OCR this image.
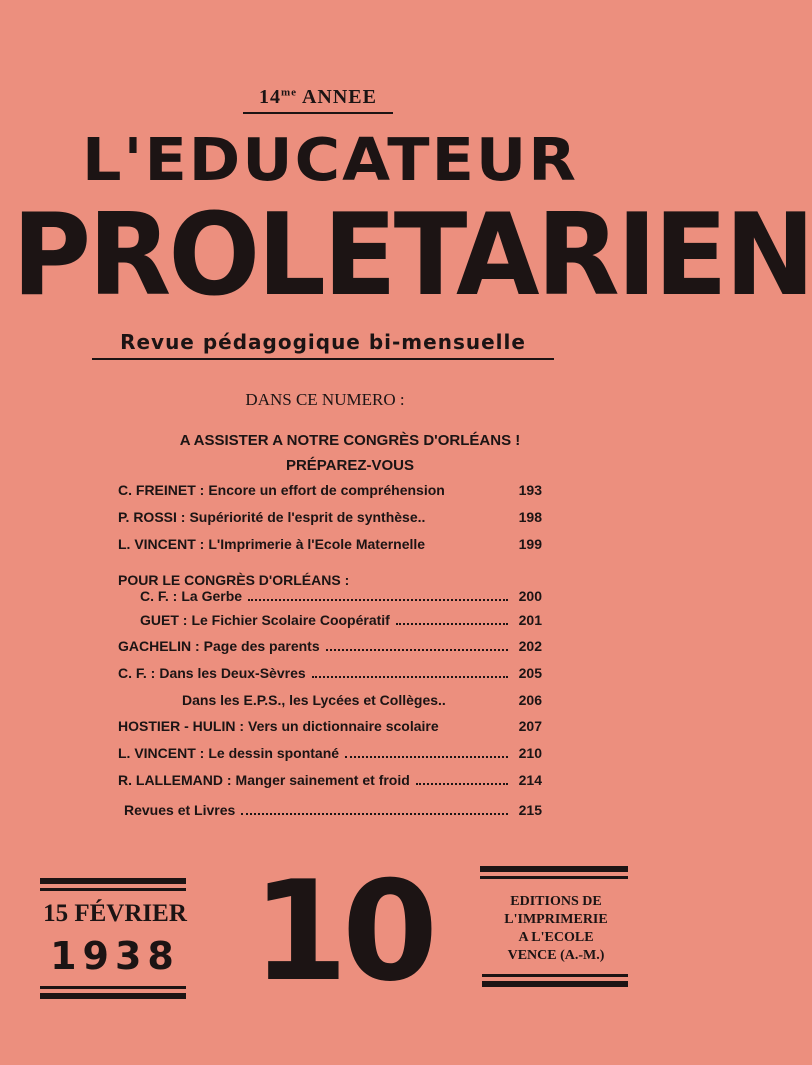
$14^{me}$ ANNEE
L'EDUCATEUR
PROLETARIEN
Revue pédagogique bi-mensuelle
DANS CE NUMERO :
A ASSISTER A NOTRE CONGRÈS D'ORLÉANS !
PRÉPAREZ-VOUS
C. FREINET : Encore un effort de compréhension	193
P. ROSSI : Supériorité de l'esprit de synthèse..	198
L. VINCENT : L'Imprimerie à l'Ecole Maternelle	199
POUR LE CONGRÈS D'ORLÉANS :
C. F. : La Gerbe	200
GUET : Le Fichier Scolaire Coopératif	201
GACHELIN : Page des parents	202
C. F. : Dans les Deux-Sèvres	205
Dans les E.P.S., les Lycées et Collèges..	206
HOSTIER - HULIN : Vers un dictionnaire scolaire	207
L. VINCENT : Le dessin spontané	210
R. LALLEMAND : Manger sainement et froid	214
Revues et Livres	215
15 FÉVRIER
1938 10	EDITIONS DE
L'IMPRIMERIE
A L'ECOLE
VENCE (A.-M.)
